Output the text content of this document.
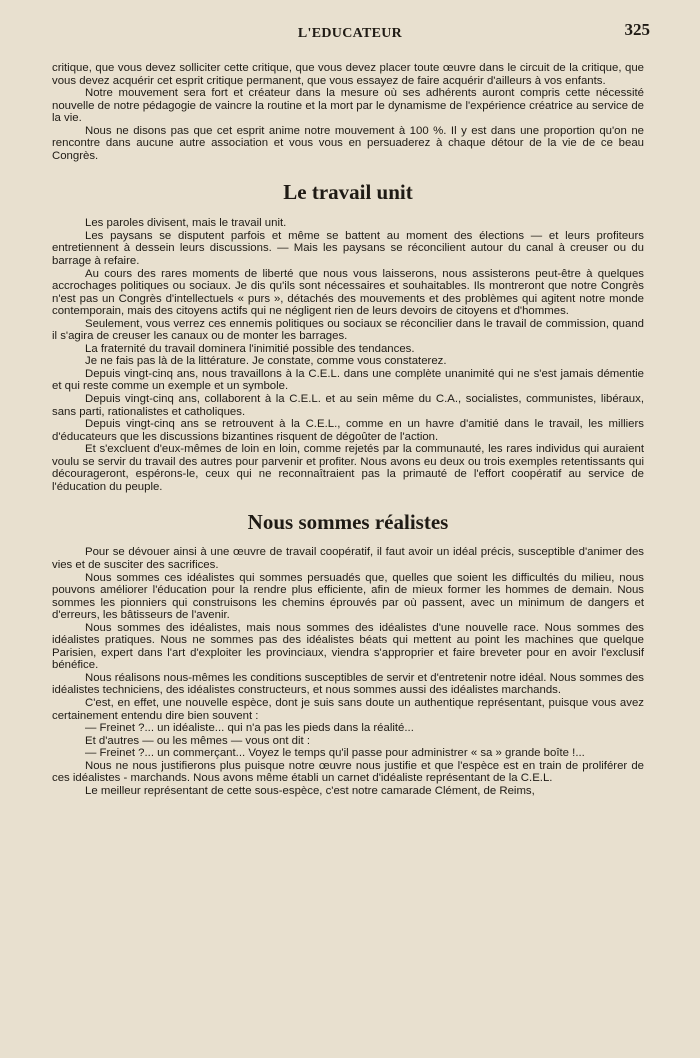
L'EDUCATEUR	325

critique, que vous devez solliciter cette critique, que vous devez placer toute œuvre dans le circuit de la critique, que vous devez acquérir cet esprit critique permanent, que vous essayez de faire acquérir d'ailleurs à vos enfants.

Notre mouvement sera fort et créateur dans la mesure où ses adhérents auront compris cette nécessité nouvelle de notre pédagogie de vaincre la routine et la mort par le dynamisme de l'expérience créatrice au service de la vie.

Nous ne disons pas que cet esprit anime notre mouvement à 100 %. Il y est dans une proportion qu'on ne rencontre dans aucune autre association et vous vous en persuaderez à chaque détour de la vie de ce beau Congrès.

Le travail unit

Les paroles divisent, mais le travail unit.

Les paysans se disputent parfois et même se battent au moment des élections — et leurs profiteurs entretiennent à dessein leurs discussions. — Mais les paysans se réconcilient autour du canal à creuser ou du barrage à refaire.

Au cours des rares moments de liberté que nous vous laisserons, nous assisterons peut-être à quelques accrochages politiques ou sociaux. Je dis qu'ils sont nécessaires et souhaitables. Ils montreront que notre Congrès n'est pas un Congrès d'intellectuels « purs », détachés des mouvements et des problèmes qui agitent notre monde contemporain, mais des citoyens actifs qui ne négligent rien de leurs devoirs de citoyens et d'hommes.

Seulement, vous verrez ces ennemis politiques ou sociaux se réconcilier dans le travail de commission, quand il s'agira de creuser les canaux ou de monter les barrages.

La fraternité du travail dominera l'inimitié possible des tendances.

Je ne fais pas là de la littérature. Je constate, comme vous constaterez.

Depuis vingt-cinq ans, nous travaillons à la C.E.L. dans une complète unanimité qui ne s'est jamais démentie et qui reste comme un exemple et un symbole.

Depuis vingt-cinq ans, collaborent à la C.E.L. et au sein même du C.A., socialistes, communistes, libéraux, sans parti, rationalistes et catholiques.

Depuis vingt-cinq ans se retrouvent à la C.E.L., comme en un havre d'amitié dans le travail, les milliers d'éducateurs que les discussions bizantines risquent de dégoûter de l'action.

Et s'excluent d'eux-mêmes de loin en loin, comme rejetés par la communauté, les rares individus qui auraient voulu se servir du travail des autres pour parvenir et profiter. Nous avons eu deux ou trois exemples retentissants qui décourageront, espérons-le, ceux qui ne reconnaîtraient pas la primauté de l'effort coopératif au service de l'éducation du peuple.

Nous sommes réalistes

Pour se dévouer ainsi à une œuvre de travail coopératif, il faut avoir un idéal précis, susceptible d'animer des vies et de susciter des sacrifices.

Nous sommes ces idéalistes qui sommes persuadés que, quelles que soient les difficultés du milieu, nous pouvons améliorer l'éducation pour la rendre plus efficiente, afin de mieux former les hommes de demain. Nous sommes les pionniers qui construisons les chemins éprouvés par où passent, avec un minimum de dangers et d'erreurs, les bâtisseurs de l'avenir.

Nous sommes des idéalistes, mais nous sommes des idéalistes d'une nouvelle race. Nous sommes des idéalistes pratiques. Nous ne sommes pas des idéalistes béats qui mettent au point les machines que quelque Parisien, expert dans l'art d'exploiter les provinciaux, viendra s'approprier et faire breveter pour en avoir l'exclusif bénéfice.

Nous réalisons nous-mêmes les conditions susceptibles de servir et d'entretenir notre idéal. Nous sommes des idéalistes techniciens, des idéalistes constructeurs, et nous sommes aussi des idéalistes marchands.

C'est, en effet, une nouvelle espèce, dont je suis sans doute un authentique représentant, puisque vous avez certainement entendu dire bien souvent :

— Freinet ?... un idéaliste... qui n'a pas les pieds dans la réalité...

Et d'autres — ou les mêmes — vous ont dit :

— Freinet ?... un commerçant... Voyez le temps qu'il passe pour administrer « sa » grande boîte !...

Nous ne nous justifierons plus puisque notre œuvre nous justifie et que l'espèce est en train de proliférer de ces idéalistes - marchands. Nous avons même établi un carnet d'idéaliste représentant de la C.E.L.

Le meilleur représentant de cette sous-espèce, c'est notre camarade Clément, de Reims,
